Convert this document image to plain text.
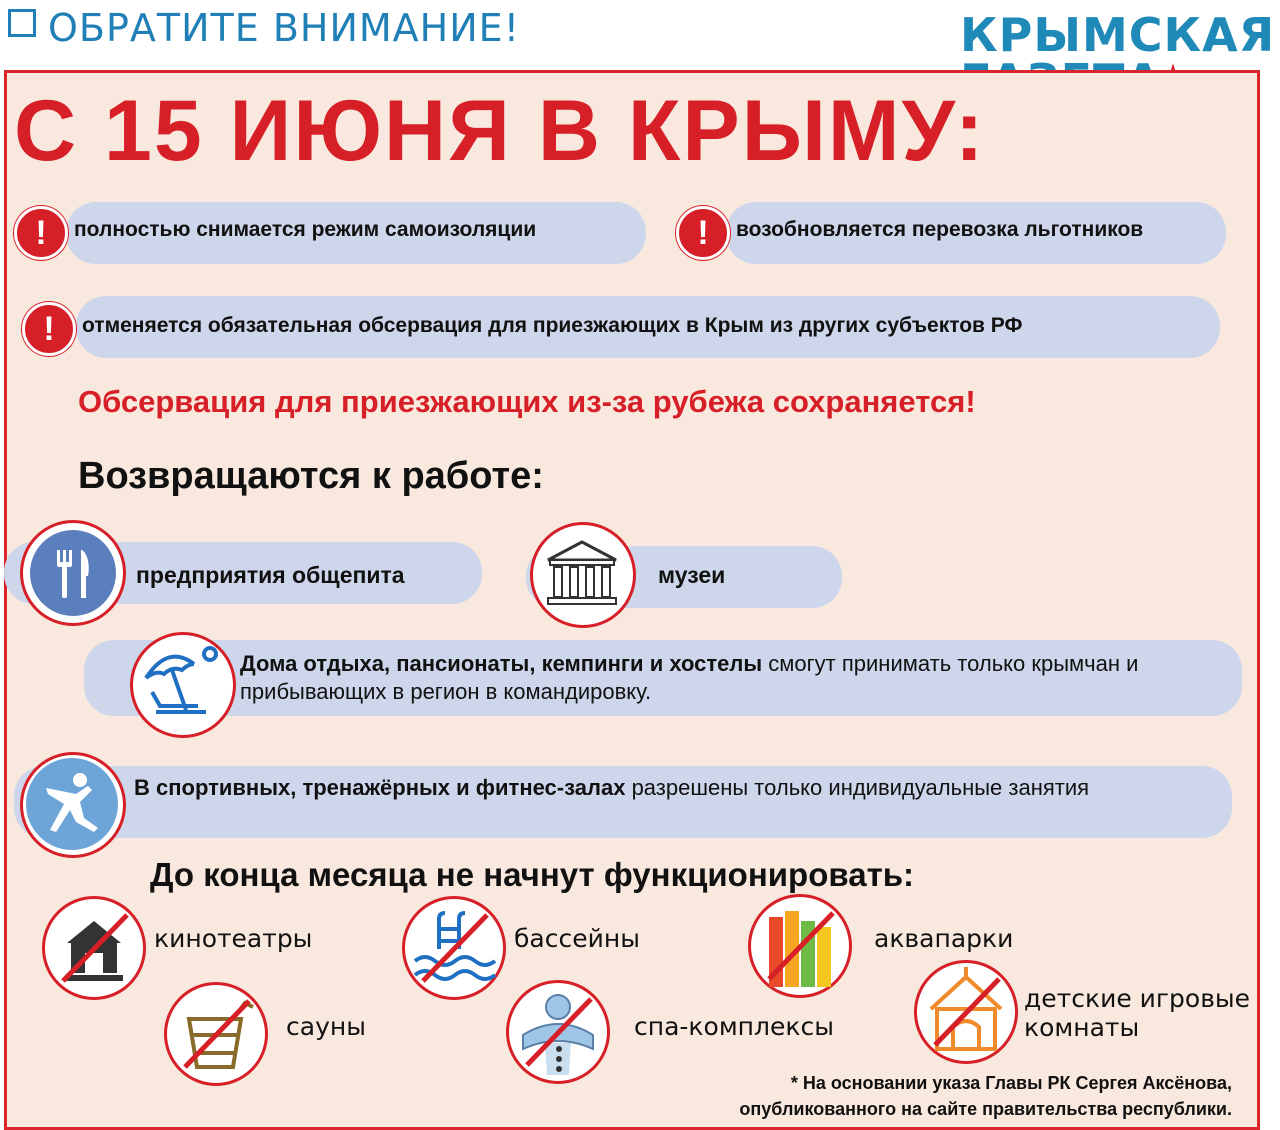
ОБРАТИТЕ ВНИМАНИЕ!	КРЫМСКАЯ
С 15 ИЮНЯ В КРЫМУ:
!	полностью снимается режим самоизоляции	!	возобновляется перевозка льготников
!	отменяется обязательная обсервация для приезжающих в Крым из других субъектов РФ
Обсервация для приезжающих из-за рубежа сохраняется!
Возвращаются к работе:
предприятия общепита	музеи
Дома отдыха, пансионаты, кемпинги и хостелы смогут принимать только крымчан и прибывающих в регион в командировку.
В спортивных, тренажёрных и фитнес-залах разрешены только индивидуальные занятия
До конца месяца не начнут функционировать:
кинотеатры	бассейны	аквапарки
сауны	спа-комплексы
детские игровые комнаты
* На основании указа Главы РК Сергея Аксёнова,
опубликованного на сайте правительства республики.
